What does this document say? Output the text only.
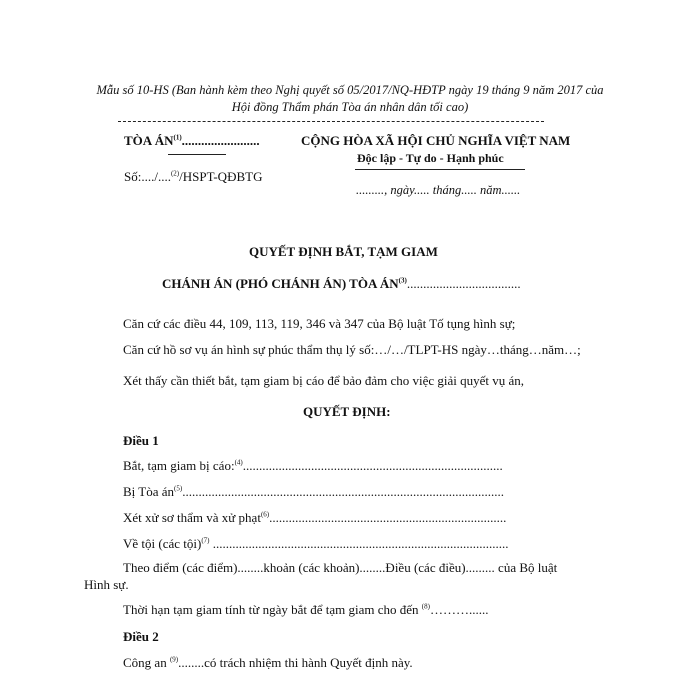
Mẫu số 10-HS (Ban hành kèm theo Nghị quyết số 05/2017/NQ-HĐTP ngày 19 tháng 9 năm 2017 của
Hội đồng Thẩm phán Tòa án nhân dân tối cao)
TÒA ÁN$^{(1)}$........................
Số:..../....$^{(2)}$/HSPT-QĐBTG
CỘNG HÒA XÃ HỘI CHỦ NGHĨA VIỆT NAM
Độc lập - Tự do - Hạnh phúc
........., ngày..... tháng..... năm......
QUYẾT ĐỊNH BẮT, TẠM GIAM
CHÁNH ÁN (PHÓ CHÁNH ÁN) TÒA ÁN$^{(3)}$...................................
Căn cứ các điều 44, 109, 113, 119, 346 và 347 của Bộ luật Tố tụng hình sự;
Căn cứ hồ sơ vụ án hình sự phúc thẩm thụ lý số:…/…/TLPT-HS ngày…tháng…năm…;
Xét thấy cần thiết bắt, tạm giam bị cáo để bảo đảm cho việc giải quyết vụ án,
QUYẾT ĐỊNH:
Điều 1
Bắt, tạm giam bị cáo:$^{(4)}$................................................................................
Bị Tòa $án^{(5)}$...................................................................................................
Xét xử sơ thẩm và xử phạt$^{(6)}$.........................................................................
Về tội (các tội)$^{(7)}$ ...........................................................................................
Theo điểm (các điểm)........khoản (các khoản)........Điều (các điều)......... của Bộ luật
Hình sự.
Thời hạn tạm giam tính từ ngày bắt để tạm giam cho đến $^{(8)}$………......
Điều 2
Công an $^{(9)}$........có trách nhiệm thi hành Quyết định này.
